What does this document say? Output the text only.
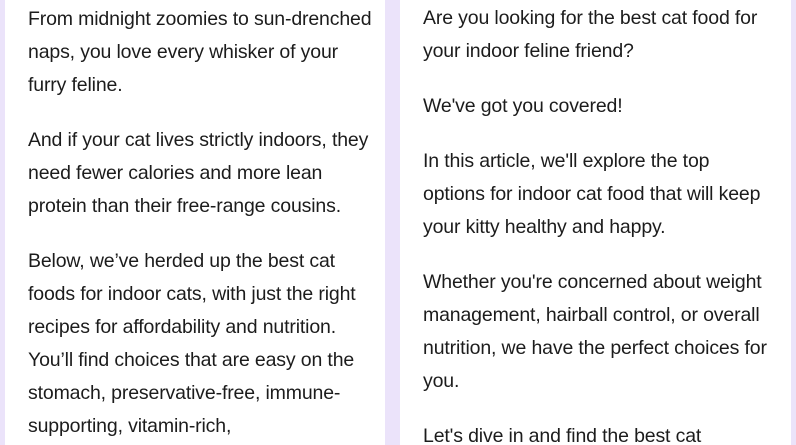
From midnight zoomies to sun-drenched naps, you love every whisker of your furry feline.

And if your cat lives strictly indoors, they need fewer calories and more lean protein than their free-range cousins.

Below, we’ve herded up the best cat foods for indoor cats, with just the right recipes for affordability and nutrition. You’ll find choices that are easy on the stomach, preservative-free, immune-supporting, vitamin-rich,

Are you looking for the best cat food for your indoor feline friend?

We've got you covered!

In this article, we'll explore the top options for indoor cat food that will keep your kitty healthy and happy.

Whether you're concerned about weight management, hairball control, or overall nutrition, we have the perfect choices for you.

Let's dive in and find the best cat
